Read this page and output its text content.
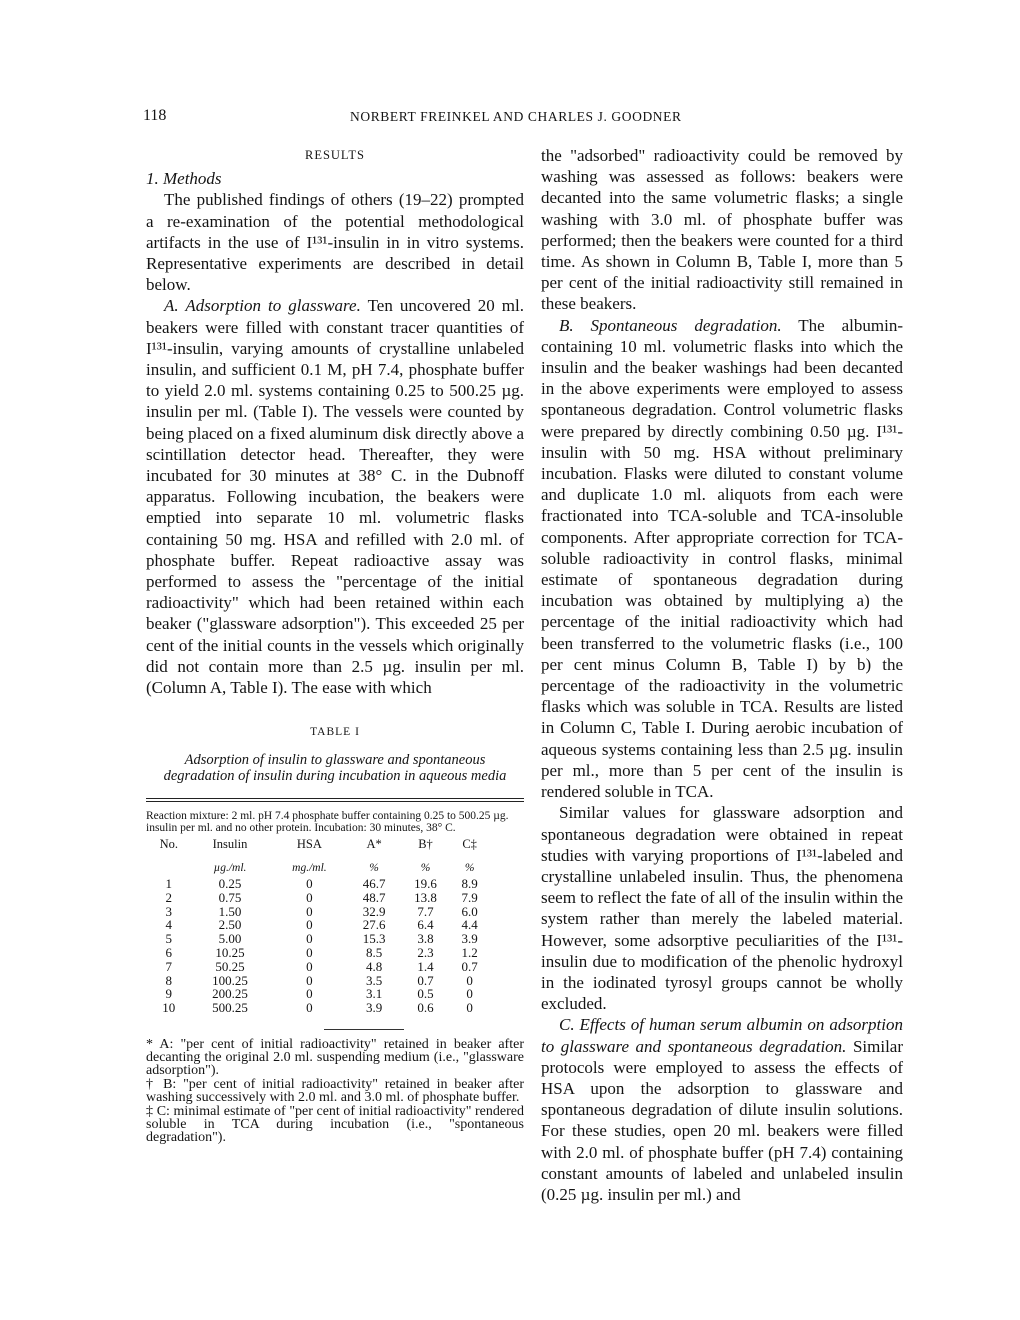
118	NORBERT FREINKEL AND CHARLES J. GOODNER

RESULTS

1. Methods

The published findings of others (19–22) prompted a re-examination of the potential methodological artifacts in the use of I¹³¹-insulin in in vitro systems. Representative experiments are described in detail below.

A. Adsorption to glassware. Ten uncovered 20 ml. beakers were filled with constant tracer quantities of I¹³¹-insulin, varying amounts of crystalline unlabeled insulin, and sufficient 0.1 M, pH 7.4, phosphate buffer to yield 2.0 ml. systems containing 0.25 to 500.25 µg. insulin per ml. (Table I). The vessels were counted by being placed on a fixed aluminum disk directly above a scintillation detector head. Thereafter, they were incubated for 30 minutes at 38° C. in the Dubnoff apparatus. Following incubation, the beakers were emptied into separate 10 ml. volumetric flasks containing 50 mg. HSA and refilled with 2.0 ml. of phosphate buffer. Repeat radioactive assay was performed to assess the "percentage of the initial radioactivity" which had been retained within each beaker ("glassware adsorption"). This exceeded 25 per cent of the initial counts in the vessels which originally did not contain more than 2.5 µg. insulin per ml. (Column A, Table I). The ease with which

TABLE I

Adsorption of insulin to glassware and spontaneous degradation of insulin during incubation in aqueous media

Reaction mixture: 2 ml. pH 7.4 phosphate buffer containing 0.25 to 500.25 µg. insulin per ml. and no other protein. Incubation: 30 minutes, 38° C.

No.	Insulin	HSA	A*	B†	C‡
	µg./ml.	mg./ml.	%	%	%
1	0.25	0	46.7	19.6	8.9
2	0.75	0	48.7	13.8	7.9
3	1.50	0	32.9	7.7	6.0
4	2.50	0	27.6	6.4	4.4
5	5.00	0	15.3	3.8	3.9
6	10.25	0	8.5	2.3	1.2
7	50.25	0	4.8	1.4	0.7
8	100.25	0	3.5	0.7	0
9	200.25	0	3.1	0.5	0
10	500.25	0	3.9	0.6	0

* A: "per cent of initial radioactivity" retained in beaker after decanting the original 2.0 ml. suspending medium (i.e., "glassware adsorption").

† B: "per cent of initial radioactivity" retained in beaker after washing successively with 2.0 ml. and 3.0 ml. of phosphate buffer.

‡ C: minimal estimate of "per cent of initial radioactivity" rendered soluble in TCA during incubation (i.e., "spontaneous degradation").

the "adsorbed" radioactivity could be removed by washing was assessed as follows: beakers were decanted into the same volumetric flasks; a single washing with 3.0 ml. of phosphate buffer was performed; then the beakers were counted for a third time. As shown in Column B, Table I, more than 5 per cent of the initial radioactivity still remained in these beakers.

B. Spontaneous degradation. The albumin-containing 10 ml. volumetric flasks into which the insulin and the beaker washings had been decanted in the above experiments were employed to assess spontaneous degradation. Control volumetric flasks were prepared by directly combining 0.50 µg. I¹³¹-insulin with 50 mg. HSA without preliminary incubation. Flasks were diluted to constant volume and duplicate 1.0 ml. aliquots from each were fractionated into TCA-soluble and TCA-insoluble components. After appropriate correction for TCA-soluble radioactivity in control flasks, minimal estimate of spontaneous degradation during incubation was obtained by multiplying a) the percentage of the initial radioactivity which had been transferred to the volumetric flasks (i.e., 100 per cent minus Column B, Table I) by b) the percentage of the radioactivity in the volumetric flasks which was soluble in TCA. Results are listed in Column C, Table I. During aerobic incubation of aqueous systems containing less than 2.5 µg. insulin per ml., more than 5 per cent of the insulin is rendered soluble in TCA.

Similar values for glassware adsorption and spontaneous degradation were obtained in repeat studies with varying proportions of I¹³¹-labeled and crystalline unlabeled insulin. Thus, the phenomena seem to reflect the fate of all of the insulin within the system rather than merely the labeled material. However, some adsorptive peculiarities of the I¹³¹-insulin due to modification of the phenolic hydroxyl in the iodinated tyrosyl groups cannot be wholly excluded.

C. Effects of human serum albumin on adsorption to glassware and spontaneous degradation. Similar protocols were employed to assess the effects of HSA upon the adsorption to glassware and spontaneous degradation of dilute insulin solutions. For these studies, open 20 ml. beakers were filled with 2.0 ml. of phosphate buffer (pH 7.4) containing constant amounts of labeled and unlabeled insulin (0.25 µg. insulin per ml.) and
